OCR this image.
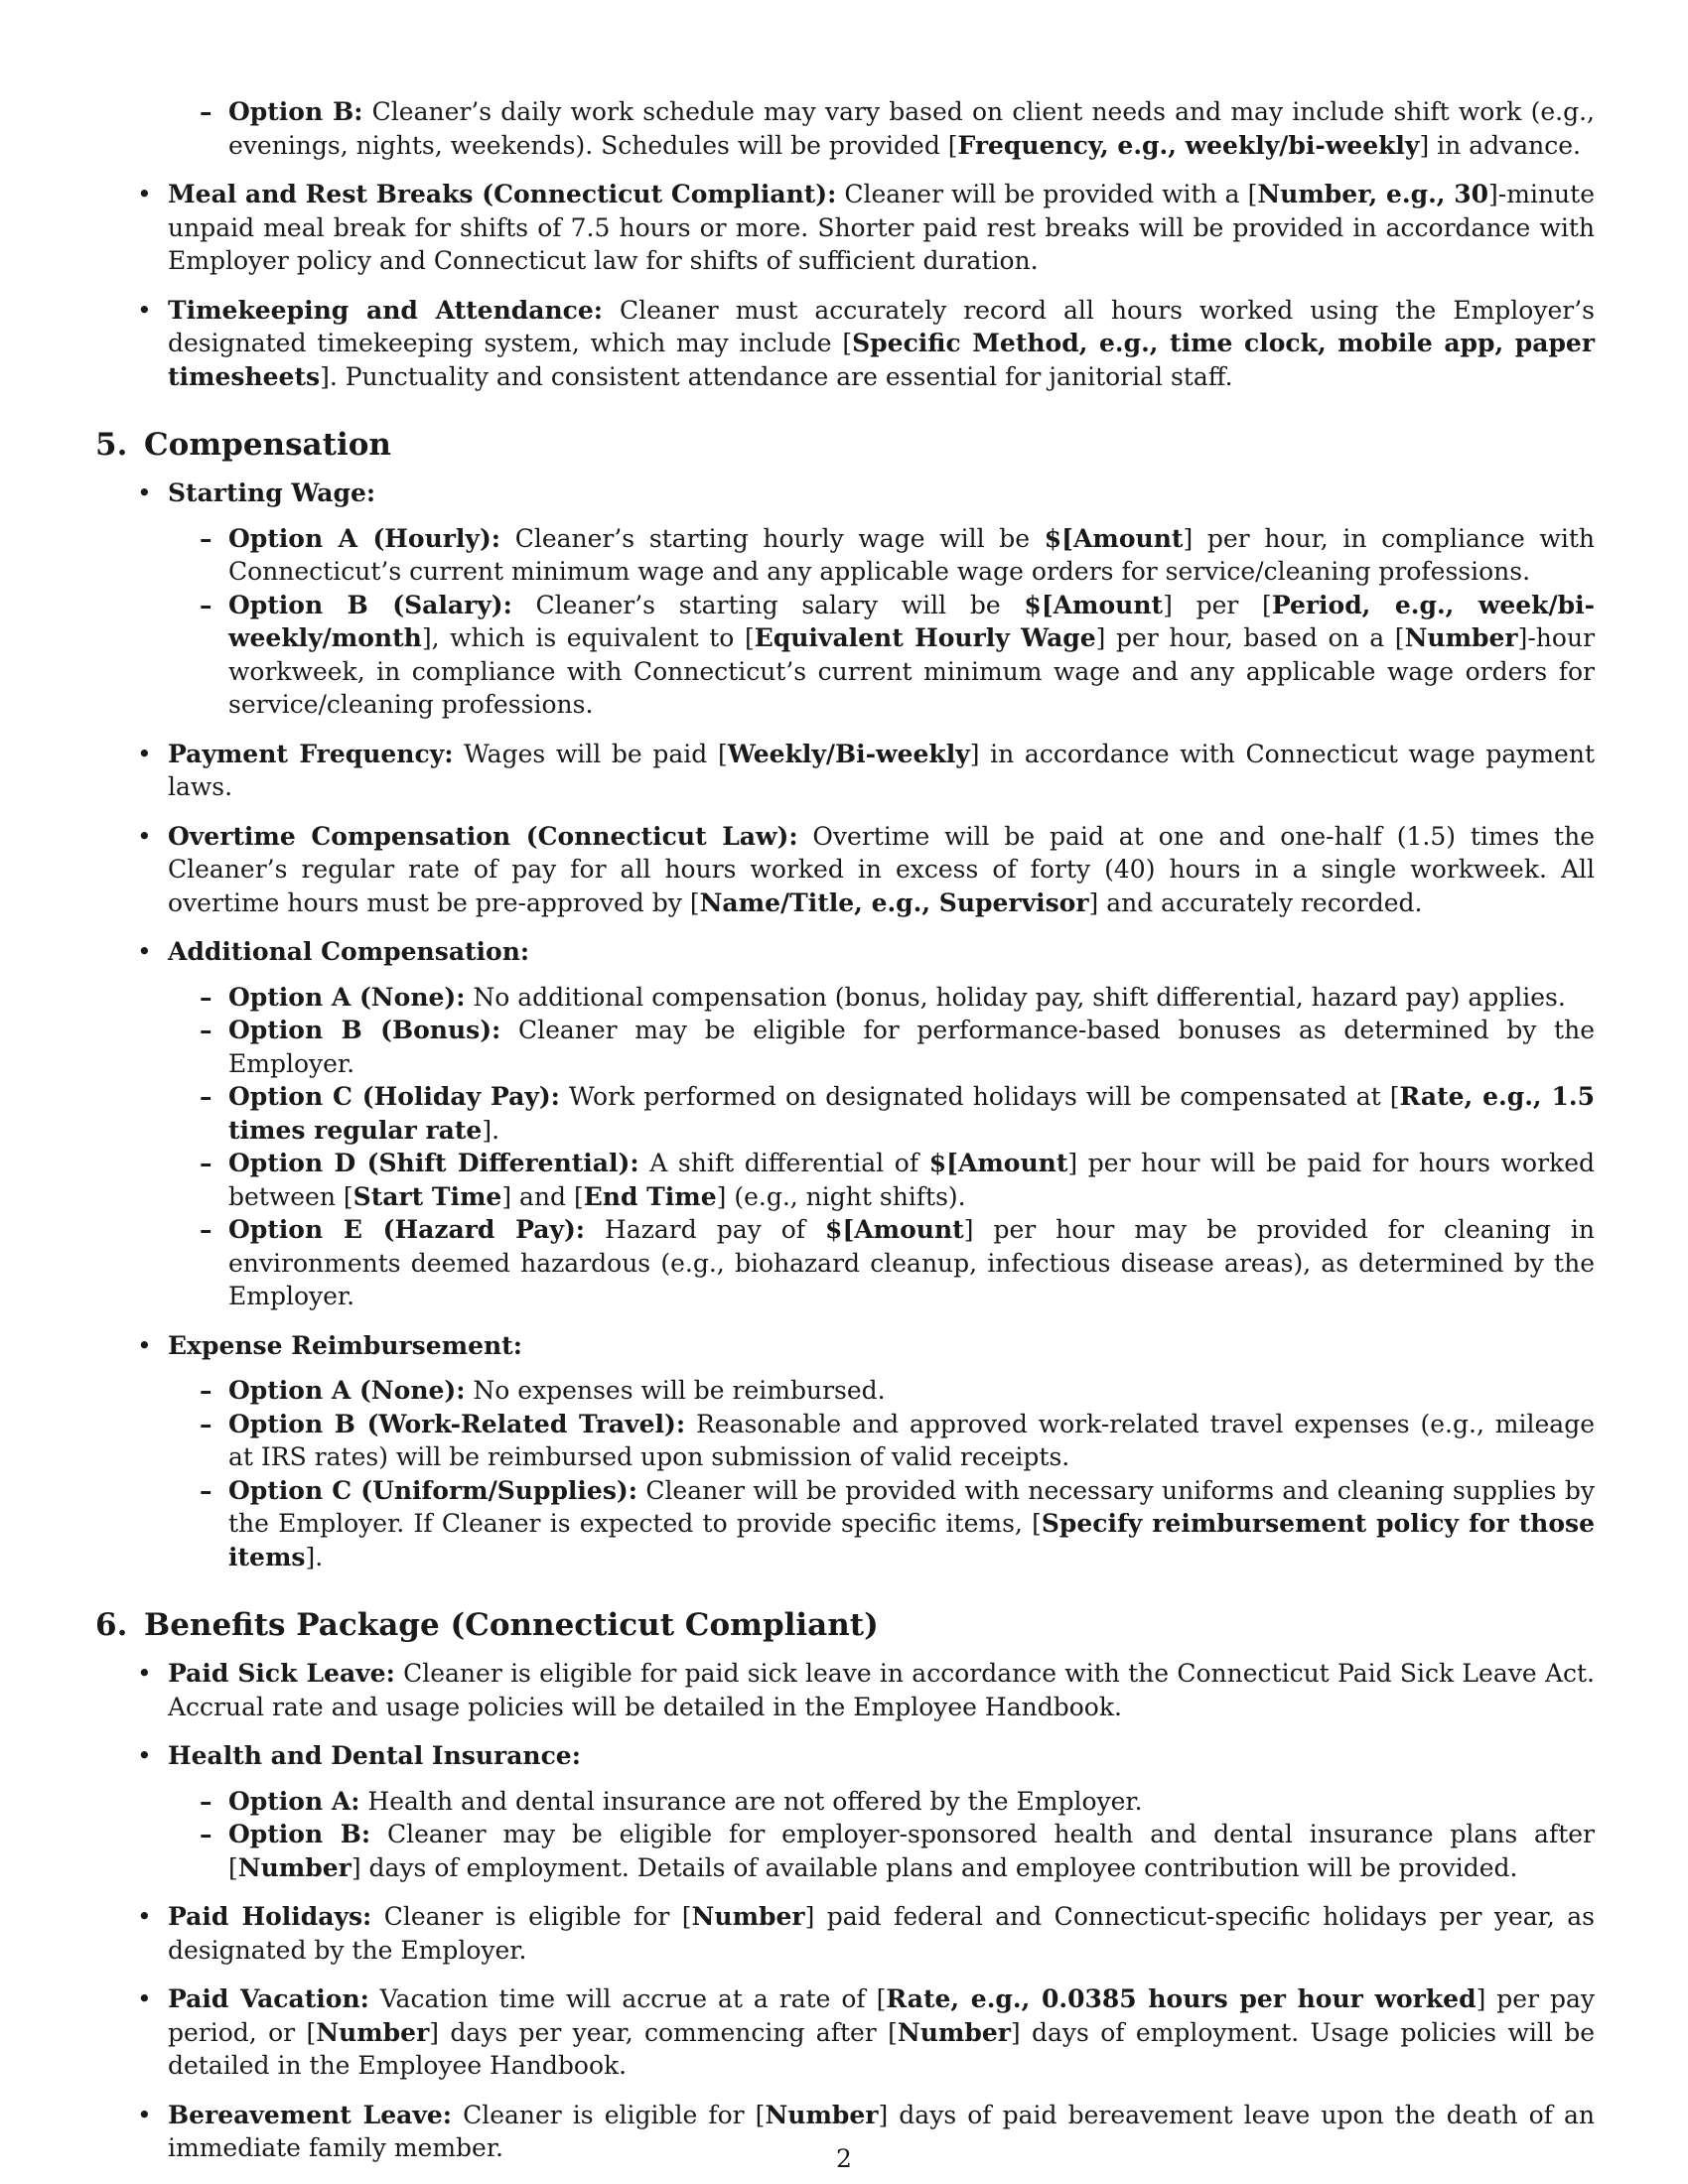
– Option B: Cleaner’s daily work schedule may vary based on client needs and may include shift work (e.g., evenings, nights, weekends). Schedules will be provided [Frequency, e.g., weekly/bi-weekly] in advance.
• Meal and Rest Breaks (Connecticut Compliant): Cleaner will be provided with a [Number, e.g., 30]-minute unpaid meal break for shifts of 7.5 hours or more. Shorter paid rest breaks will be provided in accordance with Employer policy and Connecticut law for shifts of sufficient duration.
• Timekeeping and Attendance: Cleaner must accurately record all hours worked using the Employer’s designated timekeeping system, which may include [Specific Method, e.g., time clock, mobile app, paper timesheets]. Punctuality and consistent attendance are essential for janitorial staff.
5. Compensation
• Starting Wage:
– Option A (Hourly): Cleaner’s starting hourly wage will be $[Amount] per hour, in compliance with Connecticut’s current minimum wage and any applicable wage orders for service/cleaning professions.
– Option B (Salary): Cleaner’s starting salary will be $[Amount] per [Period, e.g., week/bi-weekly/month], which is equivalent to [Equivalent Hourly Wage] per hour, based on a [Number]-hour workweek, in compliance with Connecticut’s current minimum wage and any applicable wage orders for service/cleaning professions.
• Payment Frequency: Wages will be paid [Weekly/Bi-weekly] in accordance with Connecticut wage payment laws.
• Overtime Compensation (Connecticut Law): Overtime will be paid at one and one-half (1.5) times the Cleaner’s regular rate of pay for all hours worked in excess of forty (40) hours in a single workweek. All overtime hours must be pre-approved by [Name/Title, e.g., Supervisor] and accurately recorded.
• Additional Compensation:
– Option A (None): No additional compensation (bonus, holiday pay, shift differential, hazard pay) applies.
– Option B (Bonus): Cleaner may be eligible for performance-based bonuses as determined by the Employer.
– Option C (Holiday Pay): Work performed on designated holidays will be compensated at [Rate, e.g., 1.5 times regular rate].
– Option D (Shift Differential): A shift differential of $[Amount] per hour will be paid for hours worked between [Start Time] and [End Time] (e.g., night shifts).
– Option E (Hazard Pay): Hazard pay of $[Amount] per hour may be provided for cleaning in environments deemed hazardous (e.g., biohazard cleanup, infectious disease areas), as determined by the Employer.
• Expense Reimbursement:
– Option A (None): No expenses will be reimbursed.
– Option B (Work-Related Travel): Reasonable and approved work-related travel expenses (e.g., mileage at IRS rates) will be reimbursed upon submission of valid receipts.
– Option C (Uniform/Supplies): Cleaner will be provided with necessary uniforms and cleaning supplies by the Employer. If Cleaner is expected to provide specific items, [Specify reimbursement policy for those items].
6. Benefits Package (Connecticut Compliant)
• Paid Sick Leave: Cleaner is eligible for paid sick leave in accordance with the Connecticut Paid Sick Leave Act. Accrual rate and usage policies will be detailed in the Employee Handbook.
• Health and Dental Insurance:
– Option A: Health and dental insurance are not offered by the Employer.
– Option B: Cleaner may be eligible for employer-sponsored health and dental insurance plans after [Number] days of employment. Details of available plans and employee contribution will be provided.
• Paid Holidays: Cleaner is eligible for [Number] paid federal and Connecticut-specific holidays per year, as designated by the Employer.
• Paid Vacation: Vacation time will accrue at a rate of [Rate, e.g., 0.0385 hours per hour worked] per pay period, or [Number] days per year, commencing after [Number] days of employment. Usage policies will be detailed in the Employee Handbook.
• Bereavement Leave: Cleaner is eligible for [Number] days of paid bereavement leave upon the death of an immediate family member.	2
